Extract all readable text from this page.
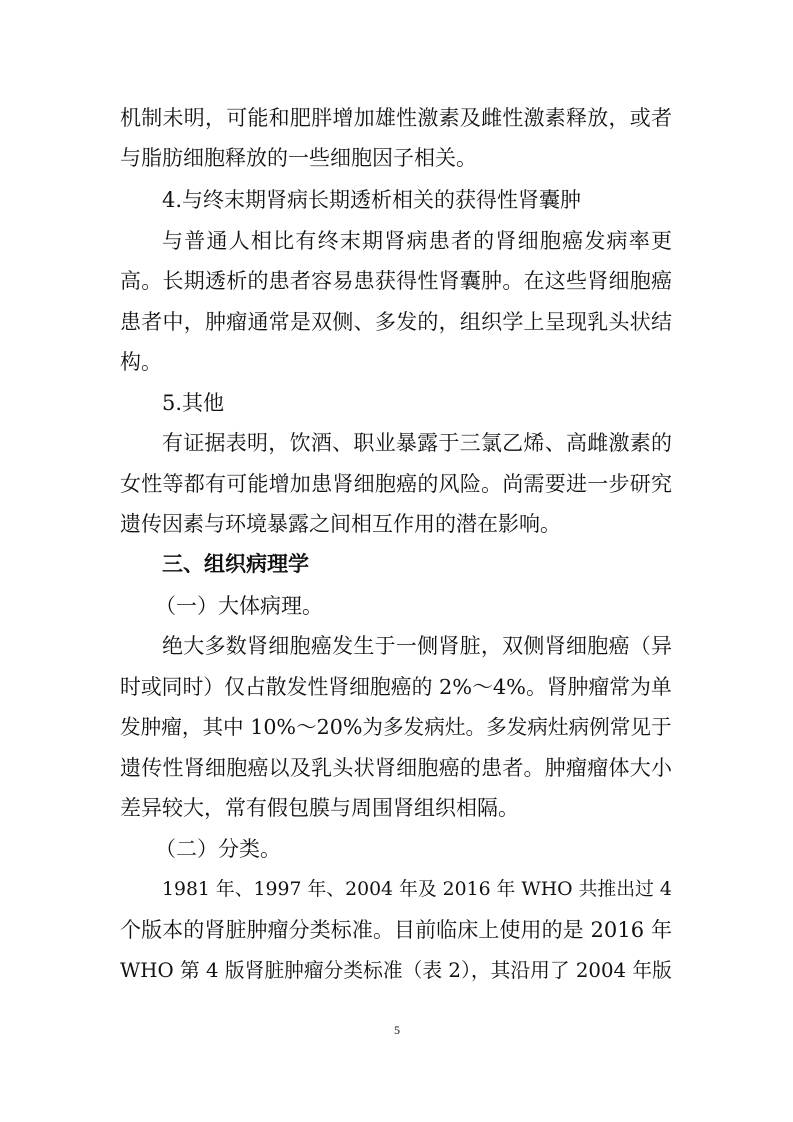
机制未明，可能和肥胖增加雄性激素及雌性激素释放，或者
与脂肪细胞释放的一些细胞因子相关。
4.与终末期肾病长期透析相关的获得性肾囊肿
与普通人相比有终末期肾病患者的肾细胞癌发病率更
高。长期透析的患者容易患获得性肾囊肿。在这些肾细胞癌
患者中，肿瘤通常是双侧、多发的，组织学上呈现乳头状结
构。
5.其他
有证据表明，饮酒、职业暴露于三氯乙烯、高雌激素的
女性等都有可能增加患肾细胞癌的风险。尚需要进一步研究
遗传因素与环境暴露之间相互作用的潜在影响。
三、组织病理学
（一）大体病理。
绝大多数肾细胞癌发生于一侧肾脏，双侧肾细胞癌（异
时或同时）仅占散发性肾细胞癌的 2%～4%。肾肿瘤常为单
发肿瘤，其中 10%～20%为多发病灶。多发病灶病例常见于
遗传性肾细胞癌以及乳头状肾细胞癌的患者。肿瘤瘤体大小
差异较大，常有假包膜与周围肾组织相隔。
（二）分类。
1981 年、1997 年、2004 年及 2016 年 WHO 共推出过 4
个版本的肾脏肿瘤分类标准。目前临床上使用的是 2016 年
WHO 第 4 版肾脏肿瘤分类标准（表 2），其沿用了 2004 年版
5
